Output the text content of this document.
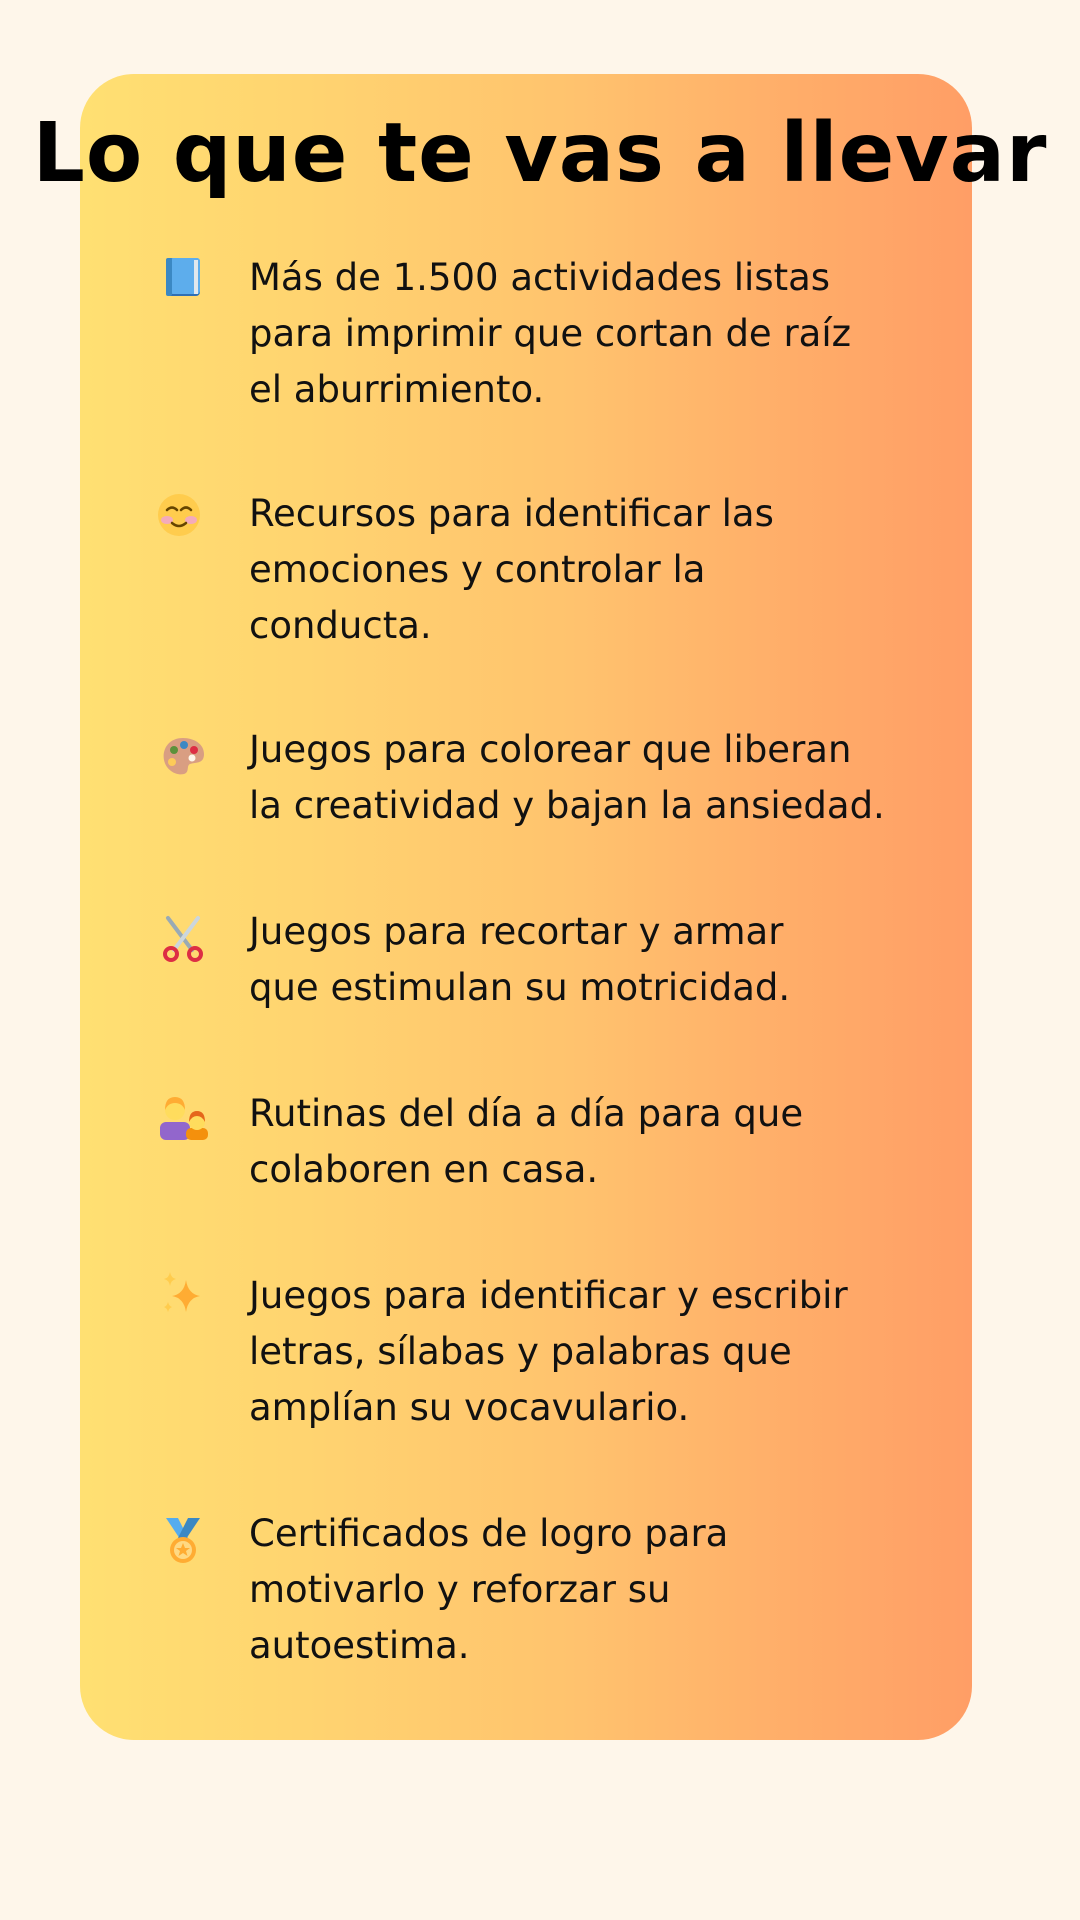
Lo que te vas a llevar
Más de 1.500 actividades listas
para imprimir que cortan de raíz
el aburrimiento.
Recursos para identificar las
emociones y controlar la
conducta.
Juegos para colorear que liberan
la creatividad y bajan la ansiedad.
Juegos para recortar y armar
que estimulan su motricidad.
Rutinas del día a día para que
colaboren en casa.
Juegos para identificar y escribir
letras, sílabas y palabras que
amplían su vocavulario.
Certificados de logro para
motivarlo y reforzar su
autoestima.
